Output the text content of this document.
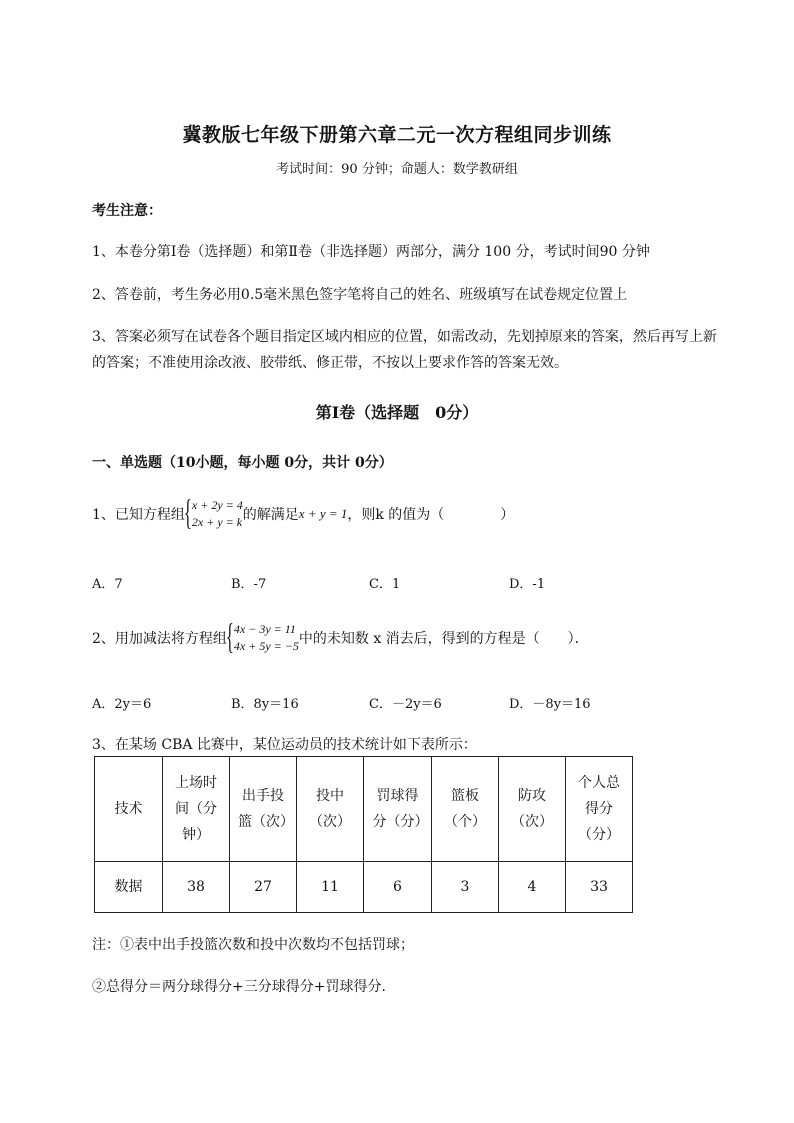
冀教版七年级下册第六章二元一次方程组同步训练
考试时间：90 分钟；命题人：数学教研组
考生注意：
1、本卷分第Ⅰ卷（选择题）和第Ⅱ卷（非选择题）两部分，满分 100 分，考试时间90 分钟
2、答卷前，考生务必用0.5毫米黑色签字笔将自己的姓名、班级填写在试卷规定位置上
3、答案必须写在试卷各个题目指定区域内相应的位置，如需改动，先划掉原来的答案，然后再写上新
的答案；不准使用涂改液、胶带纸、修正带，不按以上要求作答的答案无效。
第Ⅰ卷（选择题　0分）
一、单选题（10小题，每小题 0分，共计 0分）
1、已知方程组 { x + 2y = 4
2x + y = k 的解满足x + y = 1，则k 的值为（　　　　）
A．7	B．-7	C．1	D．-1
2、用加减法将方程组 { 4x − 3y = 11
4x + 5y = −5 中的未知数 x 消去后，得到的方程是（　　）．
A．2y＝6	B．8y＝16	C．－2y＝6	D．－8y＝16
3、在某场 CBA 比赛中，某位运动员的技术统计如下表所示：
技术	上场时间（分钟）	出手投篮（次）	投中（次）	罚球得分（分）	篮板（个）	防攻（次）	个人总得分（分）

数据	38	27	11	6	3	4	33
注：①表中出手投篮次数和投中次数均不包括罚球；
②总得分＝两分球得分+三分球得分+罚球得分．
